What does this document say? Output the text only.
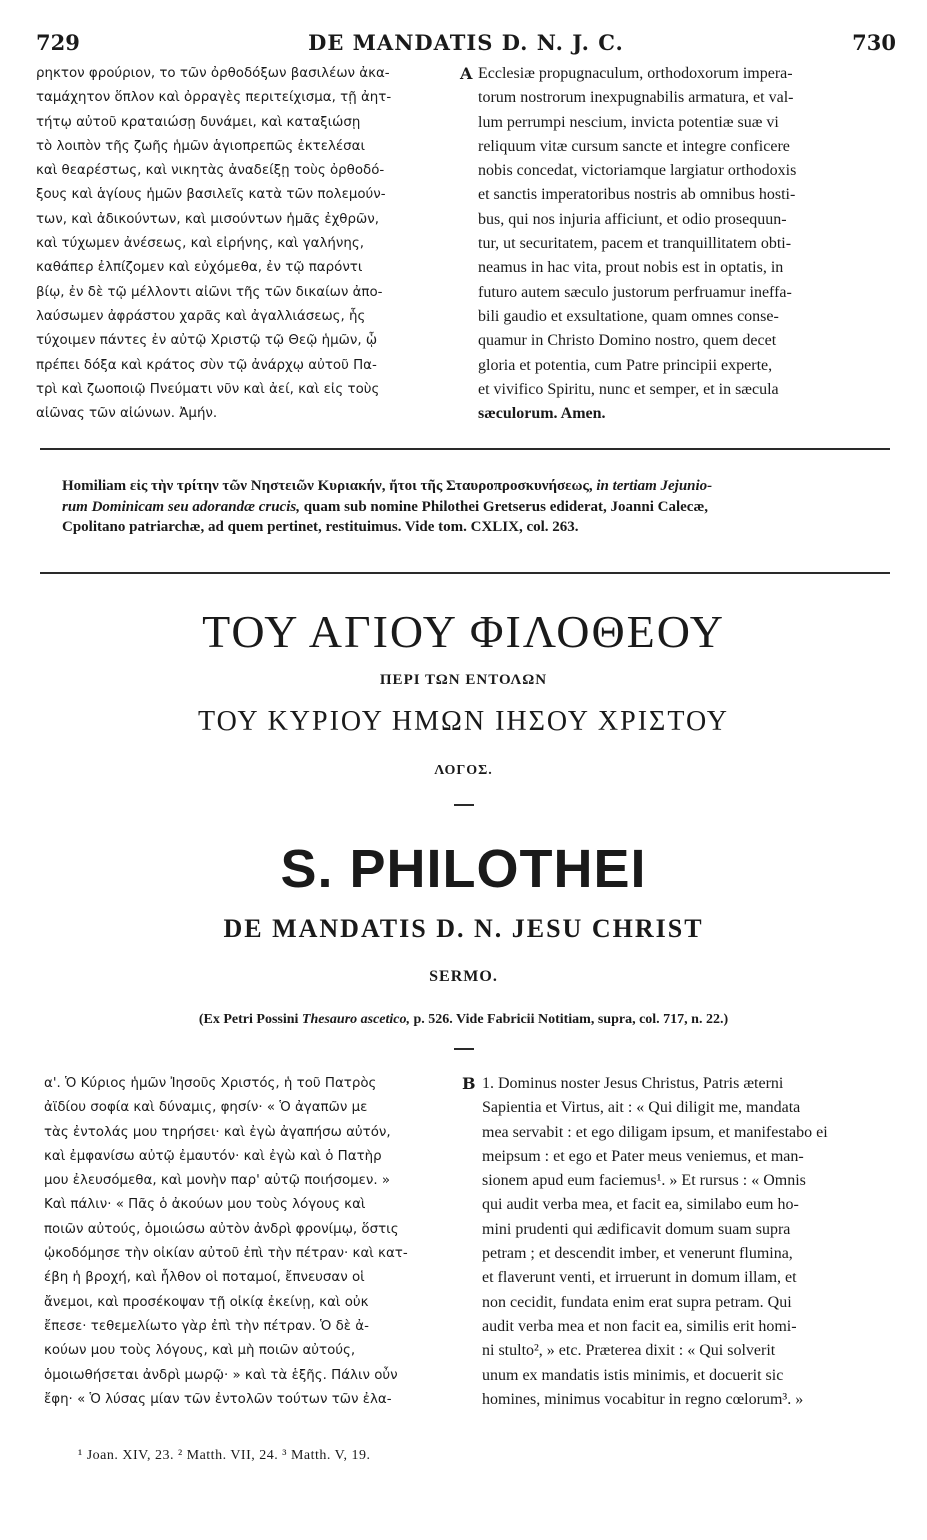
729	DE MANDATIS D. N. J. C.	730
ρηκτον φρούριον, το τῶν ὀρθοδόξων βασιλέων ἀκα-
ταμάχητον ὅπλον καὶ ὀρραγὲς περιτείχισμα, τῇ ἀητ-
τήτῳ αὐτοῦ κραταιώσῃ δυνάμει, καὶ καταξιώσῃ
τὸ λοιπὸν τῆς ζωῆς ἡμῶν ἁγιοπρεπῶς ἐκτελέσαι
καὶ θεαρέστως, καὶ νικητὰς ἀναδείξῃ τοὺς ὀρθοδό-
ξους καὶ ἁγίους ἡμῶν βασιλεῖς κατὰ τῶν πολεμούν-
των, καὶ ἀδικούντων, καὶ μισούντων ἡμᾶς ἐχθρῶν,
καὶ τύχωμεν ἀνέσεως, καὶ εἰρήνης, καὶ γαλήνης,
καθάπερ ἐλπίζομεν καὶ εὐχόμεθα, ἐν τῷ παρόντι
βίῳ, ἐν δὲ τῷ μέλλοντι αἰῶνι τῆς τῶν δικαίων ἀπο-
λαύσωμεν ἀφράστου χαρᾶς καὶ ἀγαλλιάσεως, ἧς
τύχοιμεν πάντες ἐν αὐτῷ Χριστῷ τῷ Θεῷ ἡμῶν, ᾧ
πρέπει δόξα καὶ κράτος σὺν τῷ ἀνάρχῳ αὐτοῦ Πα-
τρὶ καὶ ζωοποιῷ Πνεύματι νῦν καὶ ἀεί, καὶ εἰς τοὺς
αἰῶνας τῶν αἰώνων. Ἀμήν.
A Ecclesiæ propugnaculum, orthodoxorum impera-
torum nostrorum inexpugnabilis armatura, et val-
lum perrumpi nescium, invicta potentiæ suæ vi
reliquum vitæ cursum sancte et integre conficere
nobis concedat, victoriamque largiatur orthodoxis
et sanctis imperatoribus nostris ab omnibus hosti-
bus, qui nos injuria afficiunt, et odio prosequun-
tur, ut securitatem, pacem et tranquillitatem obti-
neamus in hac vita, prout nobis est in optatis, in
futuro autem sæculo justorum perfruamur ineffa-
bili gaudio et exsultatione, quam omnes conse-
quamur in Christo Domino nostro, quem decet
gloria et potentia, cum Patre principii experte,
et vivifico Spiritu, nunc et semper, et in sæcula
sæculorum. Amen.
Homiliam εἰς τὴν τρίτην τῶν Νηστειῶν Κυριακήν, ἤτοι τῆς Σταυροπροσκυνήσεως, in tertiam Jejunio-
rum Dominicam seu adorandæ crucis, quam sub nomine Philothei Gretserus ediderat, Joanni Calecæ,
Cpolitano patriarchæ, ad quem pertinet, restituimus. Vide tom. CXLIX, col. 263.
ΤΟΥ ΑΓΙΟΥ ΦΙΛΟΘΕΟΥ
ΠΕΡΙ ΤΩΝ ΕΝΤΟΛΩΝ
ΤΟΥ ΚΥΡΙΟΥ ΗΜΩΝ ΙΗΣΟΥ ΧΡΙΣΤΟΥ
ΛΟΓΟΣ.
S. PHILOTHEI
DE MANDATIS D. N. JESU CHRIST
SERMO.
(Ex Petri Possini Thesauro ascetico, p. 526. Vide Fabricii Notitiam, supra, col. 717, n. 22.)
α'. Ὁ Κύριος ἡμῶν Ἰησοῦς Χριστός, ἡ τοῦ Πατρὸς
ἀϊδίου σοφία καὶ δύναμις, φησίν· « Ὁ ἀγαπῶν με
τὰς ἐντολάς μου τηρήσει· καὶ ἐγὼ ἀγαπήσω αὐτόν,
καὶ ἐμφανίσω αὐτῷ ἐμαυτόν· καὶ ἐγὼ καὶ ὁ Πατὴρ
μου ἐλευσόμεθα, καὶ μονὴν παρ' αὐτῷ ποιήσομεν. »
Καὶ πάλιν· « Πᾶς ὁ ἀκούων μου τοὺς λόγους καὶ
ποιῶν αὐτούς, ὁμοιώσω αὐτὸν ἀνδρὶ φρονίμῳ, ὅστις
ᾠκοδόμησε τὴν οἰκίαν αὐτοῦ ἐπὶ τὴν πέτραν· καὶ κατ-
έβη ἡ βροχή, καὶ ἦλθον οἱ ποταμοί, ἔπνευσαν οἱ
ἄνεμοι, καὶ προσέκοψαν τῇ οἰκίᾳ ἐκείνῃ, καὶ οὐκ
ἔπεσε· τεθεμελίωτο γὰρ ἐπὶ τὴν πέτραν. Ὁ δὲ ἀ-
κούων μου τοὺς λόγους, καὶ μὴ ποιῶν αὐτούς,
ὁμοιωθήσεται ἀνδρὶ μωρῷ· » καὶ τὰ ἑξῆς. Πάλιν οὖν
ἔφη· « Ὁ λύσας μίαν τῶν ἐντολῶν τούτων τῶν ἐλα-
B 1. Dominus noster Jesus Christus, Patris æterni
Sapientia et Virtus, ait : « Qui diligit me, mandata
mea servabit : et ego diligam ipsum, et manifestabo ei
meipsum : et ego et Pater meus veniemus, et man-
sionem apud eum faciemus¹. » Et rursus : « Omnis
qui audit verba mea, et facit ea, similabo eum ho-
mini prudenti qui ædificavit domum suam supra
petram ; et descendit imber, et venerunt flumina,
et flaverunt venti, et irruerunt in domum illam, et
non cecidit, fundata enim erat supra petram. Qui
audit verba mea et non facit ea, similis erit homi-
ni stulto², » etc. Præterea dixit : « Qui solverit
unum ex mandatis istis minimis, et docuerit sic
homines, minimus vocabitur in regno cœlorum³. »
¹ Joan. XIV, 23. ² Matth. VII, 24. ³ Matth. V, 19.
